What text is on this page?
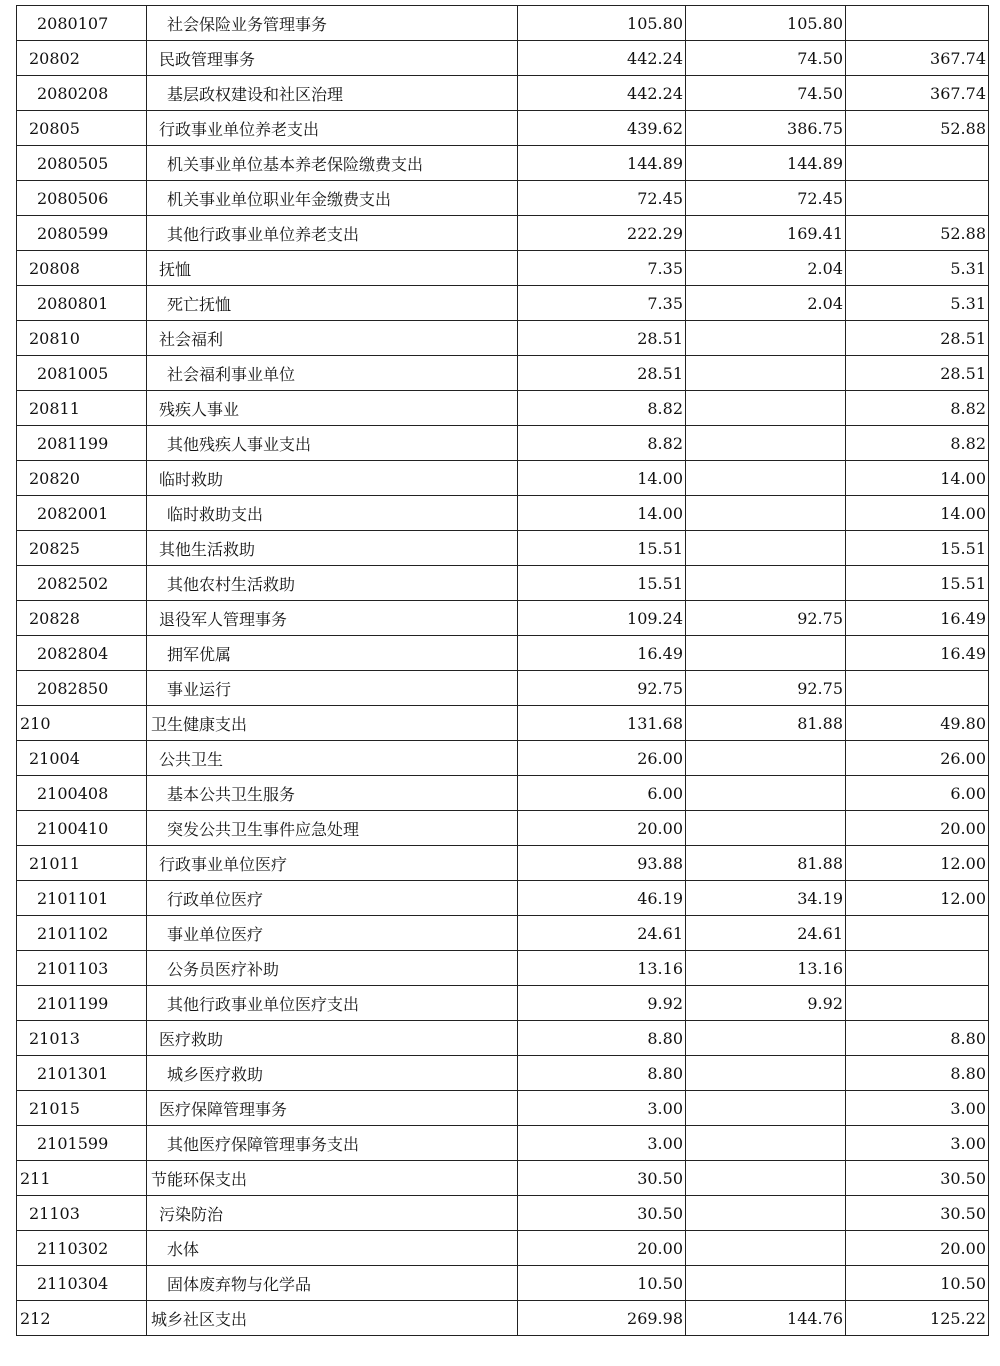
2080107	社会保险业务管理事务	105.80	105.80	
20802	民政管理事务	442.24	74.50	367.74
2080208	基层政权建设和社区治理	442.24	74.50	367.74
20805	行政事业单位养老支出	439.62	386.75	52.88
2080505	机关事业单位基本养老保险缴费支出	144.89	144.89	
2080506	机关事业单位职业年金缴费支出	72.45	72.45	
2080599	其他行政事业单位养老支出	222.29	169.41	52.88
20808	抚恤	7.35	2.04	5.31
2080801	死亡抚恤	7.35	2.04	5.31
20810	社会福利	28.51		28.51
2081005	社会福利事业单位	28.51		28.51
20811	残疾人事业	8.82		8.82
2081199	其他残疾人事业支出	8.82		8.82
20820	临时救助	14.00		14.00
2082001	临时救助支出	14.00		14.00
20825	其他生活救助	15.51		15.51
2082502	其他农村生活救助	15.51		15.51
20828	退役军人管理事务	109.24	92.75	16.49
2082804	拥军优属	16.49		16.49
2082850	事业运行	92.75	92.75	
210	卫生健康支出	131.68	81.88	49.80
21004	公共卫生	26.00		26.00
2100408	基本公共卫生服务	6.00		6.00
2100410	突发公共卫生事件应急处理	20.00		20.00
21011	行政事业单位医疗	93.88	81.88	12.00
2101101	行政单位医疗	46.19	34.19	12.00
2101102	事业单位医疗	24.61	24.61	
2101103	公务员医疗补助	13.16	13.16	
2101199	其他行政事业单位医疗支出	9.92	9.92	
21013	医疗救助	8.80		8.80
2101301	城乡医疗救助	8.80		8.80
21015	医疗保障管理事务	3.00		3.00
2101599	其他医疗保障管理事务支出	3.00		3.00
211	节能环保支出	30.50		30.50
21103	污染防治	30.50		30.50
2110302	水体	20.00		20.00
2110304	固体废弃物与化学品	10.50		10.50
212	城乡社区支出	269.98	144.76	125.22
